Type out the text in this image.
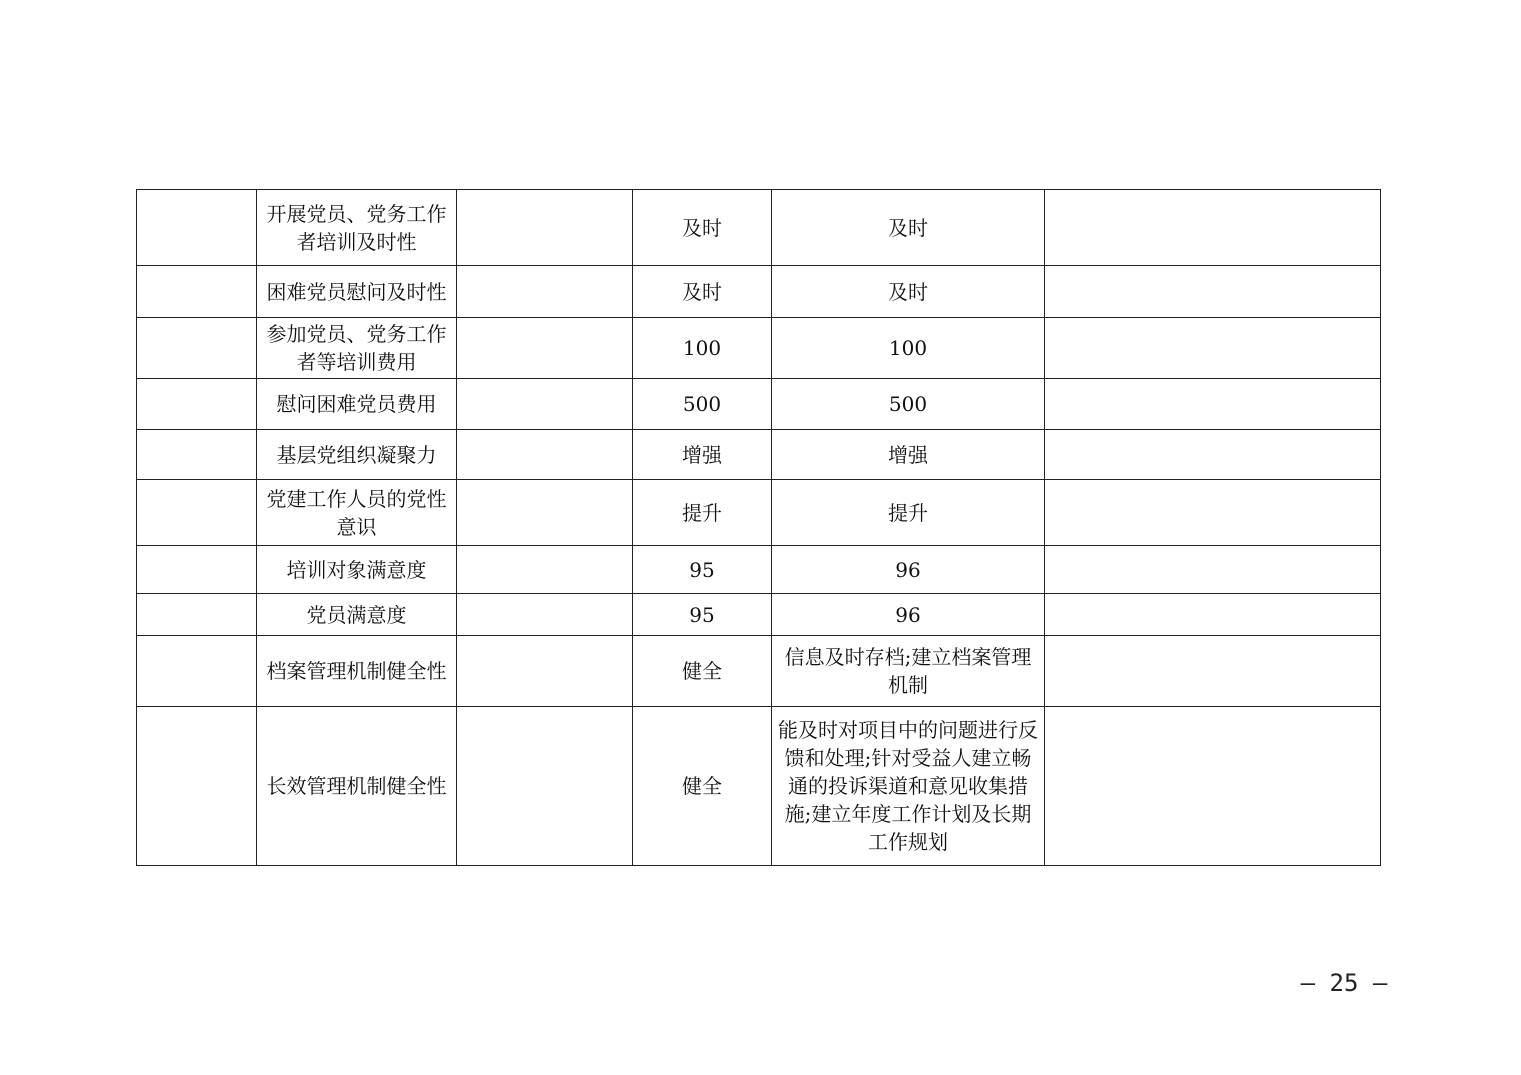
	开展党员、党务工作者培训及时性		及时	及时	
	困难党员慰问及时性		及时	及时	
	参加党员、党务工作者等培训费用		100	100	
	慰问困难党员费用		500	500	
	基层党组织凝聚力		增强	增强	
	党建工作人员的党性意识		提升	提升	
	培训对象满意度		95	96	
	党员满意度		95	96	
	档案管理机制健全性		健全	信息及时存档;建立档案管理机制	
	长效管理机制健全性		健全	能及时对项目中的问题进行反馈和处理;针对受益人建立畅通的投诉渠道和意见收集措施;建立年度工作计划及长期工作规划	
— 25 —
